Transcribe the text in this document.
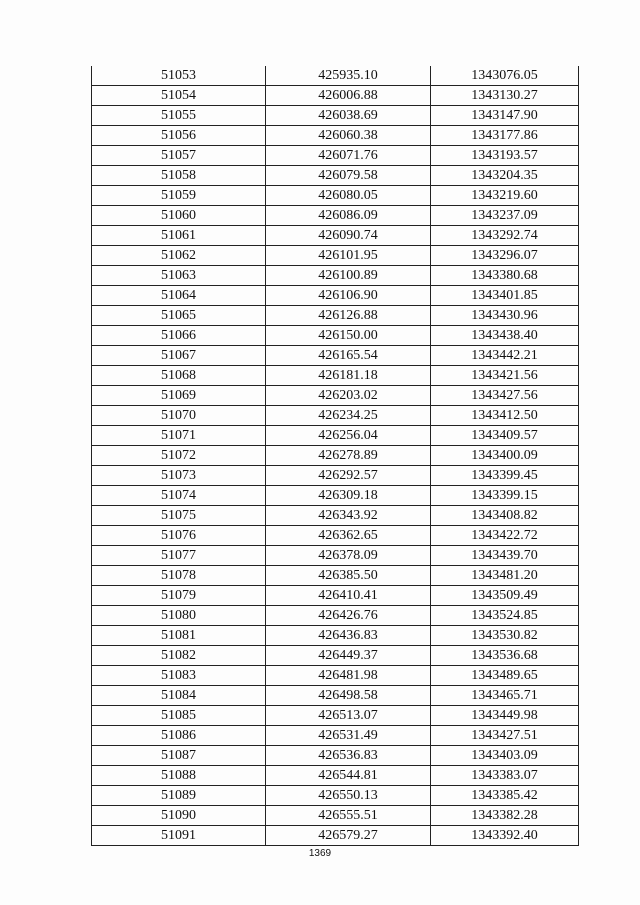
51053	425935.10	1343076.05
51054	426006.88	1343130.27
51055	426038.69	1343147.90
51056	426060.38	1343177.86
51057	426071.76	1343193.57
51058	426079.58	1343204.35
51059	426080.05	1343219.60
51060	426086.09	1343237.09
51061	426090.74	1343292.74
51062	426101.95	1343296.07
51063	426100.89	1343380.68
51064	426106.90	1343401.85
51065	426126.88	1343430.96
51066	426150.00	1343438.40
51067	426165.54	1343442.21
51068	426181.18	1343421.56
51069	426203.02	1343427.56
51070	426234.25	1343412.50
51071	426256.04	1343409.57
51072	426278.89	1343400.09
51073	426292.57	1343399.45
51074	426309.18	1343399.15
51075	426343.92	1343408.82
51076	426362.65	1343422.72
51077	426378.09	1343439.70
51078	426385.50	1343481.20
51079	426410.41	1343509.49
51080	426426.76	1343524.85
51081	426436.83	1343530.82
51082	426449.37	1343536.68
51083	426481.98	1343489.65
51084	426498.58	1343465.71
51085	426513.07	1343449.98
51086	426531.49	1343427.51
51087	426536.83	1343403.09
51088	426544.81	1343383.07
51089	426550.13	1343385.42
51090	426555.51	1343382.28
51091	426579.27	1343392.40
1369
